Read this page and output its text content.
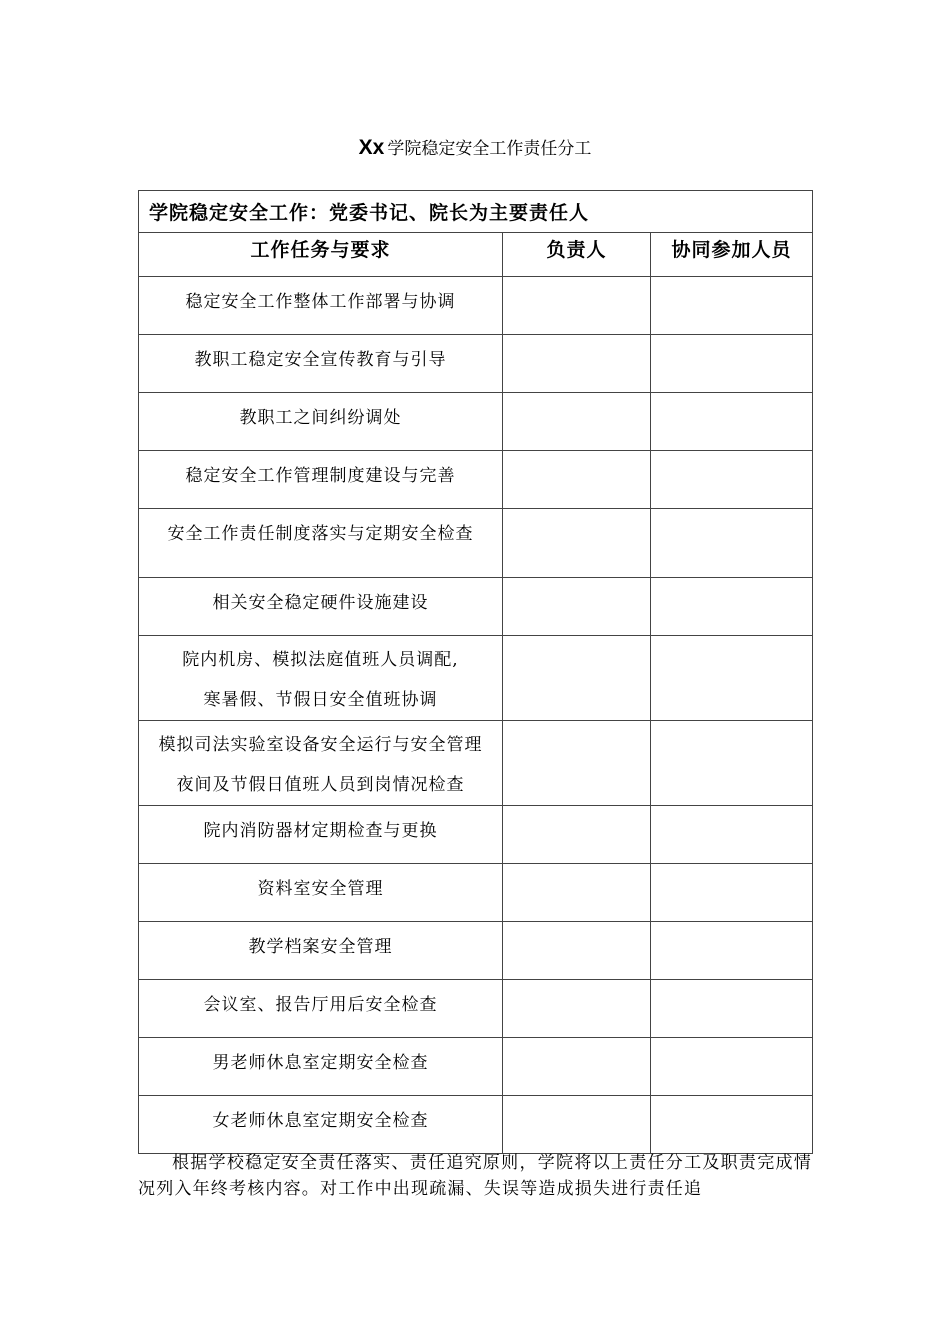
Xx 学院稳定安全工作责任分工
学院稳定安全工作：党委书记、院长为主要责任人		
工作任务与要求	负责人	协同参加人员

稳定安全工作整体工作部署与协调		

教职工稳定安全宣传教育与引导		

教职工之间纠纷调处		

稳定安全工作管理制度建设与完善		

安全工作责任制度落实与定期安全检查		

相关安全稳定硬件设施建设		

院内机房、模拟法庭值班人员调配,
寒暑假、节假日安全值班协调		

模拟司法实验室设备安全运行与安全管理
夜间及节假日值班人员到岗情况检查		

院内消防器材定期检查与更换		

资料室安全管理		

教学档案安全管理		

会议室、报告厅用后安全检查		

男老师休息室定期安全检查		

女老师休息室定期安全检查		

根据学校稳定安全责任落实、责任追究原则，学院将以上责任分工及职责完成情况列入年终考核内容。对工作中出现疏漏、失误等造成损失进行责任追
